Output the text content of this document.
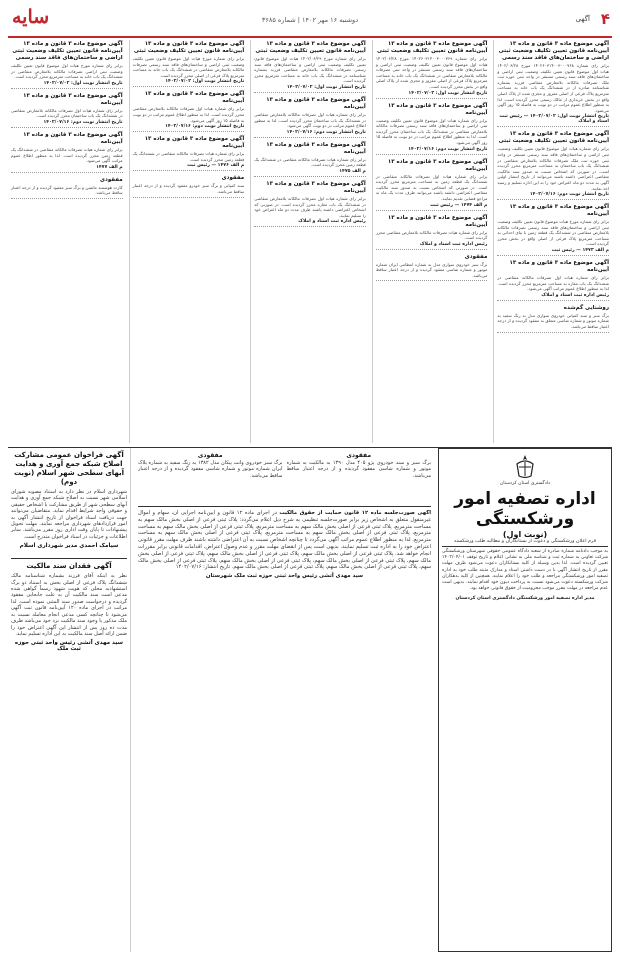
۴
آگهی
دوشنبه ۱۶ مهر ۱۴۰۲ | شماره ۳۶۸۵
سایه
آگهی موضوع ماده ۳ قانون و ماده ۱۳ آیین‌نامه قانون تعیین تکلیف وضعیت ثبتی اراضی و ساختمان‌های فاقد سند رسمی
برابر رای شماره ۱۴۰۲۶۰۳۱۴۰۰۳۰۰۰۷۶۸ مورخ ۱۴۰۲/۰۶/۲۸ هیات اول موضوع قانون تعیین تکلیف وضعیت ثبتی اراضی و ساختمان‌های فاقد سند رسمی مستقر در واحد ثبتی حوزه ثبت ملک تصرفات مالکانه بلامعارض متقاضی فرزند بشماره شناسنامه صادره از در ششدانگ یک باب خانه به مساحت مترمربع پلاک فرعی از اصلی مفروز و مجزی شده از پلاک اصلی واقع در بخش خریداری از مالک رسمی محرز گردیده است. لذا به منظور اطلاع عموم مراتب در دو نوبت به فاصله ۱۵ روز آگهی می‌شود.
تاریخ انتشار نوبت اول: ۱۴۰۲/۰۷/۰۲ — رئیس ثبت اسناد و املاک
آگهی موضوع ماده ۳ قانون و ماده ۱۳ آیین‌نامه قانون تعیین تکلیف وضعیت ثبتی
برابر رای شماره هیات اول موضوع قانون تعیین تکلیف وضعیت ثبتی اراضی و ساختمان‌های فاقد سند رسمی مستقر در واحد ثبتی حوزه ثبت ملک تصرفات مالکانه بلامعارض متقاضی در ششدانگ یک باب ساختمان به مساحت مترمربع محرز گردیده است. در صورتی که اشخاص نسبت به صدور سند مالکیت متقاضی اعتراضی داشته باشند می‌توانند از تاریخ انتشار اولین آگهی به مدت دو ماه اعتراض خود را به این اداره تسلیم و رسید اخذ نمایند.
تاریخ انتشار نوبت دوم: ۱۴۰۲/۰۷/۱۶
آگهی موضوع ماده ۳ قانون و ماده ۱۳ آیین‌نامه
برابر رای شماره مورخ هیات موضوع قانون تعیین تکلیف وضعیت ثبتی اراضی و ساختمان‌های فاقد سند رسمی تصرفات مالکانه بلامعارض متقاضی در ششدانگ یک قطعه زمین با بنای احداثی به مساحت مترمربع پلاک فرعی از اصلی واقع در بخش محرز گردیده است.
م الف ۱۴۷۳ — رئیس ثبت
آگهی موضوع ماده ۳ قانون و ماده ۱۳ آیین‌نامه
برابر رای شماره هیات اول تصرفات مالکانه متقاضی در ششدانگ یک باب مغازه به مساحت مترمربع محرز گردیده است. لذا به منظور اطلاع عموم مراتب آگهی می‌شود.
رئیس اداره ثبت اسناد و املاک
روشنایی گم‌شده
برگ سبز و سند کمپانی خودروی سواری مدل به رنگ سفید به شماره موتور و شماره شاسی متعلق به مفقود گردیده و از درجه اعتبار ساقط می‌باشد.
آگهی موضوع ماده ۳ قانون و ماده ۱۳ آیین‌نامه قانون تعیین تکلیف وضعیت ثبتی
برابر رای شماره ۱۴۰۲۶۰۳۱۴۰۰۳۰۰۰۷۶۹ مورخ ۱۴۰۲/۰۶/۲۸ هیات اول موضوع قانون تعیین تکلیف وضعیت ثبتی اراضی و ساختمان‌های فاقد سند رسمی مستقر در واحد ثبتی تصرفات مالکانه بلامعارض متقاضی در ششدانگ یک باب خانه به مساحت مترمربع پلاک فرعی از اصلی مفروز و مجزی شده از پلاک اصلی واقع در بخش محرز گردیده است.
تاریخ انتشار نوبت اول: ۱۴۰۲/۰۷/۰۲
آگهی موضوع ماده ۳ قانون و ماده ۱۳ آیین‌نامه
برابر رای شماره هیات اول موضوع قانون تعیین تکلیف وضعیت ثبتی اراضی و ساختمان‌های فاقد سند رسمی تصرفات مالکانه بلامعارض متقاضی در ششدانگ یک باب ساختمان محرز گردیده است. لذا به منظور اطلاع عموم مراتب در دو نوبت به فاصله ۱۵ روز آگهی می‌شود.
تاریخ انتشار نوبت دوم: ۱۴۰۲/۰۷/۱۶
آگهی موضوع ماده ۳ قانون و ماده ۱۳ آیین‌نامه
برابر رای شماره هیات اول تصرفات مالکانه متقاضی در ششدانگ یک قطعه زمین به مساحت مترمربع محرز گردیده است. در صورتی که اشخاص نسبت به صدور سند مالکیت متقاضی اعتراضی داشته باشند می‌توانند ظرف مدت یک ماه به مراجع قضایی تقدیم نمایند.
م الف ۱۴۷۴ — رئیس ثبت
آگهی موضوع ماده ۳ قانون و ماده ۱۳ آیین‌نامه
برابر رای شماره هیات تصرفات مالکانه بلامعارض متقاضی محرز گردیده است.
رئیس اداره ثبت اسناد و املاک
مفقودی
برگ سبز خودروی سواری مدل به شماره انتظامی ایران شماره موتور و شماره شاسی مفقود گردیده و از درجه اعتبار ساقط می‌باشد.
آگهی موضوع ماده ۳ قانون و ماده ۱۳ آیین‌نامه قانون تعیین تکلیف وضعیت ثبتی
برابر رای شماره مورخ ۱۴۰۲/۰۶/۲۹ هیات اول موضوع قانون تعیین تکلیف وضعیت ثبتی اراضی و ساختمان‌های فاقد سند رسمی تصرفات مالکانه بلامعارض متقاضی فرزند بشماره شناسنامه در ششدانگ یک باب خانه به مساحت مترمربع محرز گردیده است.
تاریخ انتشار نوبت اول: ۱۴۰۲/۰۷/۰۲
آگهی موضوع ماده ۳ قانون و ماده ۱۳ آیین‌نامه
برابر رای شماره هیات اول تصرفات مالکانه بلامعارض متقاضی در ششدانگ یک باب ساختمان محرز گردیده است. لذا به منظور اطلاع عموم مراتب در دو نوبت آگهی می‌شود.
تاریخ انتشار نوبت دوم: ۱۴۰۲/۰۷/۱۶
آگهی موضوع ماده ۳ قانون و ماده ۱۳ آیین‌نامه
برابر رای شماره هیات تصرفات مالکانه متقاضی در ششدانگ یک قطعه زمین محرز گردیده است.
م الف ۱۴۷۵
آگهی موضوع ماده ۳ قانون و ماده ۱۳ آیین‌نامه
برابر رای شماره هیات اول تصرفات مالکانه بلامعارض متقاضی در ششدانگ یک باب مغازه محرز گردیده است. در صورتی که اشخاص اعتراضی داشته باشند ظرف مدت دو ماه اعتراض خود را تسلیم نمایند.
رئیس اداره ثبت اسناد و املاک
آگهی موضوع ماده ۳ قانون و ماده ۱۳ آیین‌نامه قانون تعیین تکلیف وضعیت ثبتی
برابر رای شماره مورخ هیات اول موضوع قانون تعیین تکلیف وضعیت ثبتی اراضی و ساختمان‌های فاقد سند رسمی تصرفات مالکانه بلامعارض متقاضی در ششدانگ یک باب خانه به مساحت مترمربع پلاک فرعی از اصلی محرز گردیده است.
تاریخ انتشار نوبت اول: ۱۴۰۲/۰۷/۰۲
آگهی موضوع ماده ۳ قانون و ماده ۱۳ آیین‌نامه
برابر رای شماره هیات اول تصرفات مالکانه بلامعارض متقاضی محرز گردیده است. لذا به منظور اطلاع عموم مراتب در دو نوبت به فاصله ۱۵ روز آگهی می‌شود.
تاریخ انتشار نوبت دوم: ۱۴۰۲/۰۷/۱۶
آگهی موضوع ماده ۳ قانون و ماده ۱۳ آیین‌نامه
برابر رای شماره هیات تصرفات مالکانه متقاضی در ششدانگ یک قطعه زمین محرز گردیده است.
م الف ۱۴۷۶ — رئیس ثبت
مفقودی
سند کمپانی و برگ سبز خودرو مفقود گردیده و از درجه اعتبار ساقط می‌باشد.
آگهی موضوع ماده ۳ قانون و ماده ۱۳ آیین‌نامه قانون تعیین تکلیف وضعیت ثبتی اراضی و ساختمان‌های فاقد سند رسمی
برابر رای شماره مورخ هیات اول موضوع قانون تعیین تکلیف وضعیت ثبتی اراضی تصرفات مالکانه بلامعارض متقاضی در ششدانگ یک باب خانه به مساحت مترمربع محرز گردیده است.
تاریخ انتشار نوبت اول: ۱۴۰۲/۰۷/۰۲
آگهی موضوع ماده ۳ قانون و ماده ۱۳ آیین‌نامه
برابر رای شماره هیات اول تصرفات مالکانه بلامعارض متقاضی در ششدانگ یک باب ساختمان محرز گردیده است.
تاریخ انتشار نوبت دوم: ۱۴۰۲/۰۷/۱۶
آگهی موضوع ماده ۳ قانون و ماده ۱۳ آیین‌نامه
برابر رای شماره هیات تصرفات مالکانه متقاضی در ششدانگ یک قطعه زمین محرز گردیده است. لذا به منظور اطلاع عموم مراتب آگهی می‌شود.
م الف ۱۴۷۷
مفقودی
کارت هوشمند ماشین و برگ سبز مفقود گردیده و از درجه اعتبار ساقط می‌باشد.
دادگستری استان کردستان
اداره تصفیه امور ورشکستگی
(نوبت اول)
فرم اعلان ورشکستگی و دعوت از بستانکاران و مطالبه طلب ورشکسته
به موجب دادنامه شماره صادره از شعبه دادگاه عمومی حقوقی شهرستان ورشکستگی شرکت تعاونی به شماره ثبت و شناسه ملی به نشانی اعلام و تاریخ توقف ۱۴۰۲/۰۴/۰۱ تعیین گردیده است. لذا بدین وسیله از کلیه بستانکاران دعوت می‌شود ظرف مهلت مقرر از تاریخ انتشار آگهی با در دست داشتن اسناد و مدارک مثبته طلب خود به اداره تصفیه امور ورشکستگی مراجعه و طلب خود را اعلام نمایند. همچنین از کلیه بدهکاران شرکت ورشکسته دعوت می‌شود نسبت به پرداخت دیون خود اقدام نمایند. بدیهی است عدم مراجعه در مهلت مقرر موجب محرومیت از حقوق قانونی خواهد بود.
مدیر اداره تصفیه امور ورشکستگی دادگستری استان کردستان
مفقودی
برگ سبز و سند خودروی پژو ۴۰۵ مدل ۱۳۹۰ به مالکیت به شماره موتور و شماره شاسی مفقود گردیده و از درجه اعتبار ساقط می‌باشد.
مفقودی
برگ سبز خودروی وانت پیکان مدل ۱۳۸۲ به رنگ سفید به شماره پلاک ایران شماره موتور و شماره شاسی مفقود گردیده و از درجه اعتبار ساقط می‌باشد.
آگهی صورت‌جلسه ماده ۱۲ قانون حمایت از حقوق مالکیت در اجرای ماده ۱۲ قانون و آیین‌نامه اجرایی آن، سهام و اموال غیرمنقول متعلق به اشخاص زیر برابر صورت‌جلسه تنظیمی به شرح ذیل اعلام می‌گردد: پلاک ثبتی فرعی از اصلی بخش مالک سهم به مساحت مترمربع، پلاک ثبتی فرعی از اصلی بخش مالک سهم به مساحت مترمربع، پلاک ثبتی فرعی از اصلی بخش مالک سهم به مساحت مترمربع، پلاک ثبتی فرعی از اصلی بخش مالک سهم به مساحت مترمربع، پلاک ثبتی فرعی از اصلی بخش مالک سهم به مساحت مترمربع. لذا به منظور اطلاع عموم مراتب آگهی می‌گردد تا چنانچه اشخاص نسبت به آن اعتراضی داشته باشند ظرف مهلت مقرر قانونی اعتراض خود را به اداره ثبت تسلیم نمایند. بدیهی است پس از انقضای مهلت مقرر و عدم وصول اعتراض، اقدامات قانونی برابر مقررات انجام خواهد شد. پلاک ثبتی فرعی از اصلی بخش مالک سهم، پلاک ثبتی فرعی از اصلی بخش مالک سهم، پلاک ثبتی فرعی از اصلی بخش مالک سهم، پلاک ثبتی فرعی از اصلی بخش مالک سهم، پلاک ثبتی فرعی از اصلی بخش مالک سهم، پلاک ثبتی فرعی از اصلی بخش مالک سهم، پلاک ثبتی فرعی از اصلی بخش مالک سهم، پلاک ثبتی فرعی از اصلی بخش مالک سهم. تاریخ انتشار: ۱۴۰۲/۰۷/۱۶
سید مهدی آتشی رئیس واحد ثبتی حوزه ثبت ملک شهرستان
آگهی فراخوان عمومی مشارکت اصلاح شبکه جمع آوری و هدایت آبهای سطحی شهر اسلام (نوبت دوم)
شهرداری اسلام در نظر دارد به استناد مصوبه شورای اسلامی شهر نسبت به اصلاح شبکه جمع آوری و هدایت آبهای سطحی شهر از طریق مشارکت با اشخاص حقیقی و حقوقی واجد شرایط اقدام نماید. متقاضیان می‌توانند جهت دریافت اسناد فراخوان از تاریخ انتشار آگهی به امور قراردادهای شهرداری مراجعه نمایند. مهلت تحویل پیشنهادات تا پایان وقت اداری روز مقرر می‌باشد. سایر اطلاعات و جزئیات در اسناد فراخوان مندرج است.
سیامک احمدی مدیر شهرداری اسلام
آگهی فقدان سند مالکیت
نظر به اینکه آقای فرزند بشماره شناسنامه مالک ششدانگ پلاک فرعی از اصلی بخش به استناد دو برگ استشهادیه محلی که هویت شهود رسماً گواهی شده مدعی است سند مالکیت آن به علت جابجایی مفقود گردیده و درخواست صدور سند المثنی نموده است. لذا مراتب در اجرای ماده ۱۲۰ آیین‌نامه قانون ثبت آگهی می‌شود تا چنانچه کسی مدعی انجام معامله نسبت به ملک مذکور یا وجود سند مالکیت نزد خود می‌باشد ظرف مدت ده روز پس از انتشار این آگهی اعتراض خود را ضمن ارائه اصل سند مالکیت به این اداره تسلیم نماید.
سید مهدی آتشی رئیس واحد ثبتی حوزه ثبت ملک
